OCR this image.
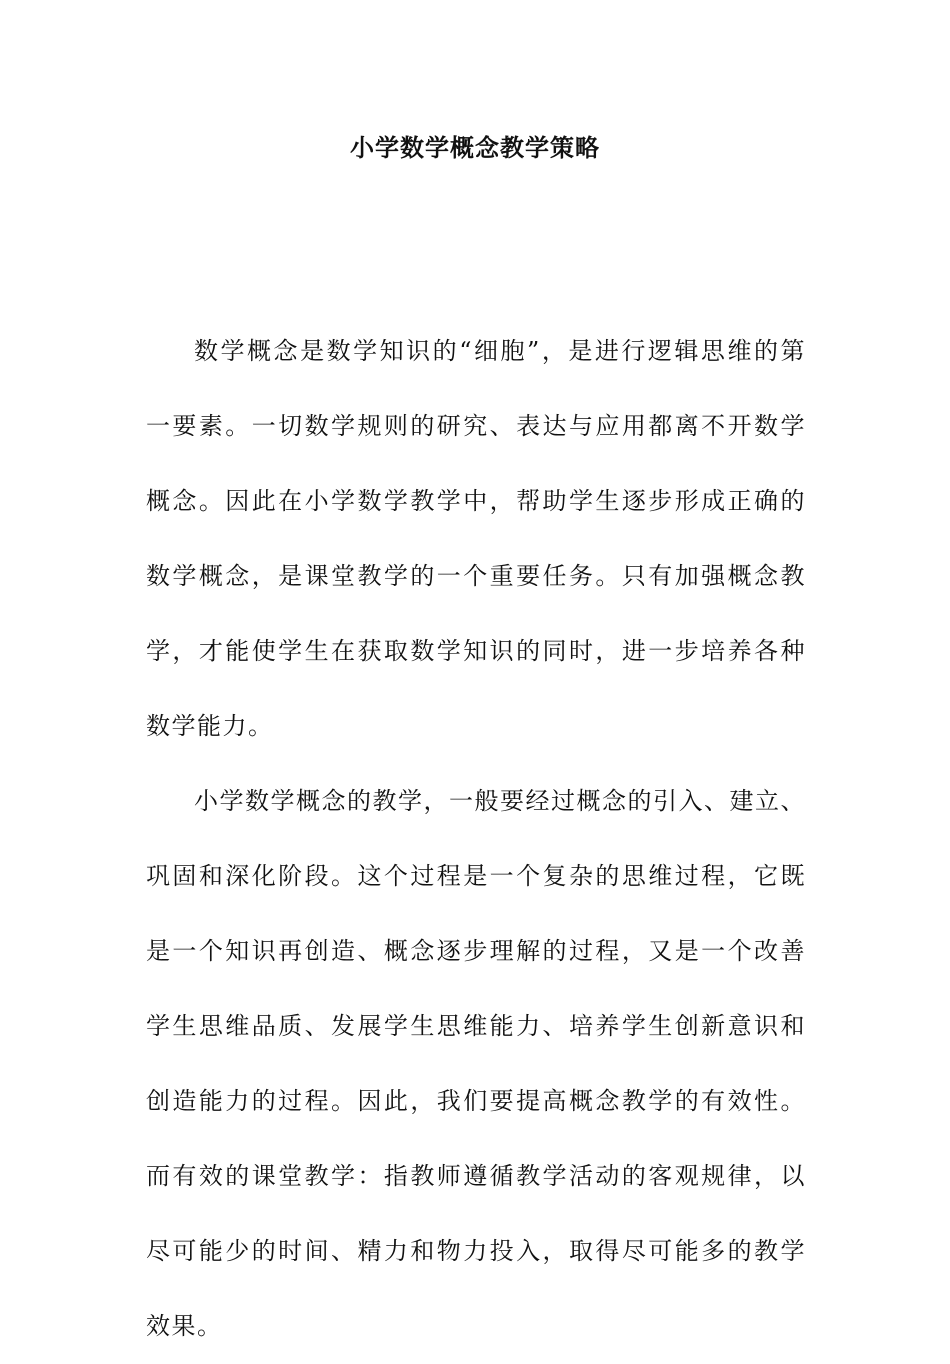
小学数学概念教学策略

数学概念是数学知识的“细胞”，是进行逻辑思维的第一要素。一切数学规则的研究、表达与应用都离不开数学概念。因此在小学数学教学中，帮助学生逐步形成正确的数学概念，是课堂教学的一个重要任务。只有加强概念教学，才能使学生在获取数学知识的同时，进一步培养各种数学能力。

小学数学概念的教学，一般要经过概念的引入、建立、巩固和深化阶段。这个过程是一个复杂的思维过程，它既是一个知识再创造、概念逐步理解的过程，又是一个改善学生思维品质、发展学生思维能力、培养学生创新意识和创造能力的过程。因此，我们要提高概念教学的有效性。而有效的课堂教学：指教师遵循教学活动的客观规律，以尽可能少的时间、精力和物力投入，取得尽可能多的教学效果。
